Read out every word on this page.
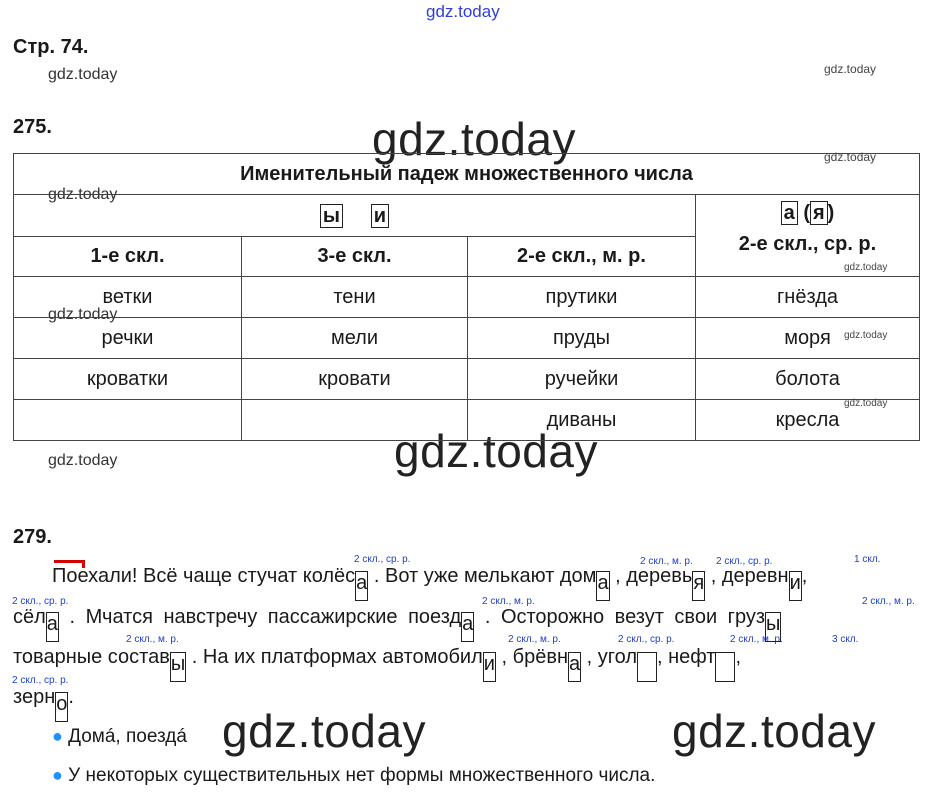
gdz.today
gdz.today	gdz.today
gdz.today	gdz.today
gdz.today
gdz.today
gdz.today
gdz.today
gdz.today
gdz.today
gdz.today
gdz.today	gdz.today
Стр. 74.
275.
Именительный падеж множественного числа			
ы и			а ( я )
2-е скл., ср. р.

1-е скл.	3-е скл.	2-е скл., м. р.	
ветки	тени	прутики	гнёзда
речки	мели	пруды	моря
кроватки	кровати	ручейки	болота
		диваны	кресла
279.
2 скл., ср. р.	2 скл., м. р. 2 скл., ср. р.	1 скл.
2 скл., ср. р.	2 скл., м. р.	2 скл., м. р.
2 скл., м. р.	2 скл., м. р.	2 скл., ср. р.	2 скл., м. р.	3 скл.
2 скл., ср. р.
Поехали! Всё чаще стучат колёса . Вот уже мелькают дома , деревья , деревни,
сёла . Мчатся навстречу пассажирские поезда . Осторожно везут свои грузы
товарные составы . На их платформах автомобили , брёвна , угол , нефт ,
зерно.
● Домá, поездá
● У некоторых существительных нет формы множественного числа.
